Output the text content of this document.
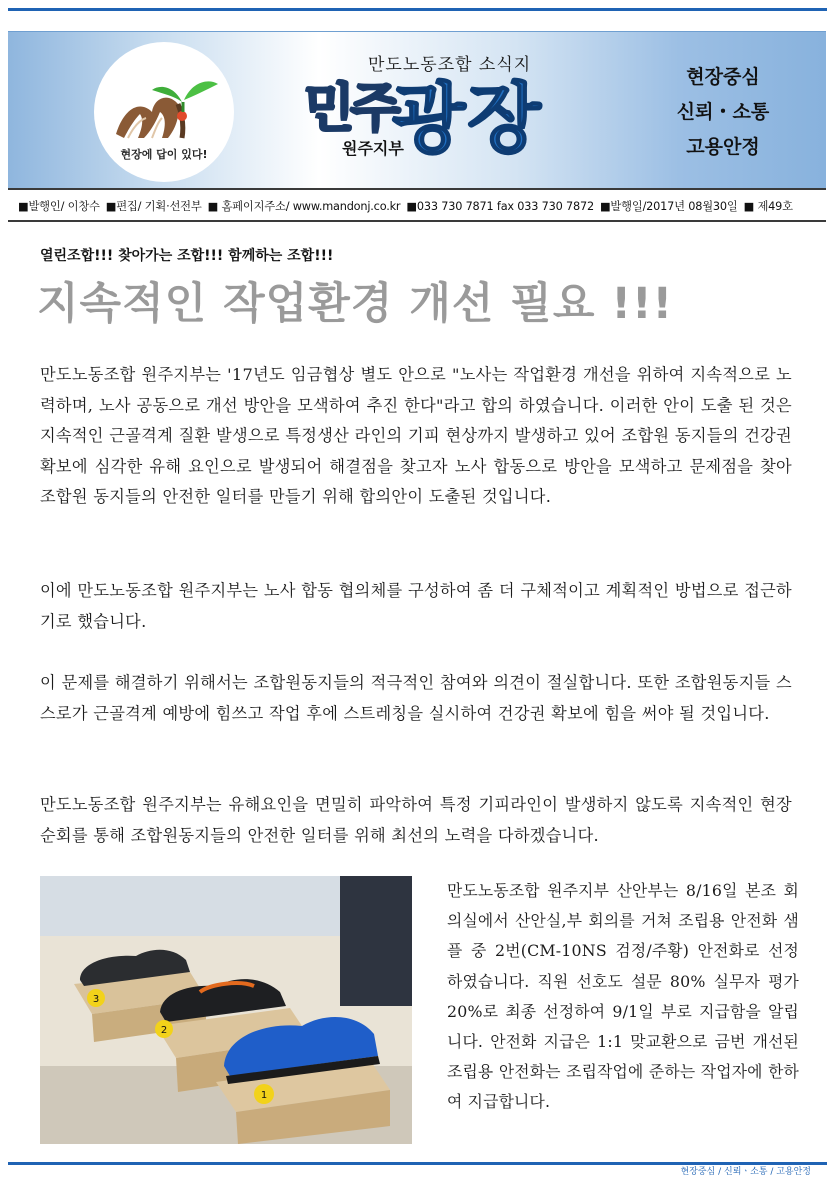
현장에 답이 있다!
만도노동조합 소식지
민주
광장
원주지부
현장중심
신뢰・소통
고용안정
■발행인/ 이창수 ■편집/ 기획·선전부 ■ 홈페이지주소/ www.mandonj.co.kr ■033 730 7871 fax 033 730 7872 ■발행일/2017년 08월30일 ■ 제49호
열린조합!!! 찾아가는 조합!!! 함께하는 조합!!!
지속적인 작업환경 개선 필요 !!!
만도노동조합 원주지부는 '17년도 임금협상 별도 안으로 "노사는 작업환경 개선을 위하여 지속적으로 노력하며, 노사 공동으로 개선 방안을 모색하여 추진 한다"라고 합의 하였습니다. 이러한 안이 도출 된 것은 지속적인 근골격계 질환 발생으로 특정생산 라인의 기피 현상까지 발생하고 있어 조합원 동지들의 건강권 확보에 심각한 유해 요인으로 발생되어 해결점을 찾고자 노사 합동으로 방안을 모색하고 문제점을 찾아 조합원 동지들의 안전한 일터를 만들기 위해 합의안이 도출된 것입니다.
이에 만도노동조합 원주지부는 노사 합동 협의체를 구성하여 좀 더 구체적이고 계획적인 방법으로 접근하기로 했습니다.
이 문제를 해결하기 위해서는 조합원동지들의 적극적인 참여와 의견이 절실합니다. 또한 조합원동지들 스스로가 근골격계 예방에 힘쓰고 작업 후에 스트레칭을 실시하여 건강권 확보에 힘을 써야 될 것입니다.
만도노동조합 원주지부는 유해요인을 면밀히 파악하여 특정 기피라인이 발생하지 않도록 지속적인 현장순회를 통해 조합원동지들의 안전한 일터를 위해 최선의 노력을 다하겠습니다.
3
2
1
만도노동조합 원주지부 산안부는 8/16일 본조 회의실에서 산안실,부 회의를 거쳐 조립용 안전화 샘플 중 2번(CM-10NS 검정/주황) 안전화로 선정 하였습니다. 직원 선호도 설문 80% 실무자 평가 20%로 최종 선정하여 9/1일 부로 지급함을 알립니다. 안전화 지급은 1:1 맞교환으로 금번 개선된 조립용 안전화는 조립작업에 준하는 작업자에 한하여 지급합니다.
현장중심 / 신뢰ㆍ소통 / 고용안정
